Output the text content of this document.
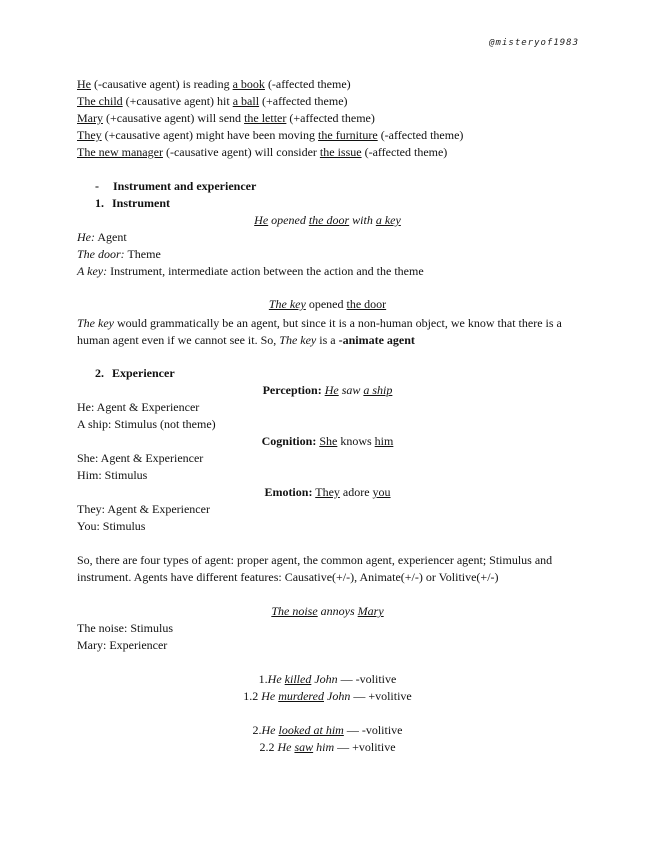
@misteryof1983
He (-causative agent) is reading a book (-affected theme)
The child (+causative agent) hit a ball (+affected theme)
Mary (+causative agent) will send the letter (+affected theme)
They (+causative agent) might have been moving the furniture (-affected theme)
The new manager (-causative agent) will consider the issue (-affected theme)
- Instrument and experiencer
1. Instrument
He opened the door with a key
He: Agent
The door: Theme
A key: Instrument, intermediate action between the action and the theme
The key opened the door
The key would grammatically be an agent, but since it is a non-human object, we know that there is a human agent even if we cannot see it. So, The key is a -animate agent
2. Experiencer
Perception: He saw a ship
He: Agent & Experiencer
A ship: Stimulus (not theme)
Cognition: She knows him
She: Agent & Experiencer
Him: Stimulus
Emotion: They adore you
They: Agent & Experiencer
You: Stimulus
So, there are four types of agent: proper agent, the common agent, experiencer agent; Stimulus and instrument. Agents have different features: Causative(+/-), Animate(+/-) or Volitive(+/-)
The noise annoys Mary
The noise: Stimulus
Mary: Experiencer
1.He killed John — -volitive
1.2 He murdered John — +volitive
2.He looked at him — -volitive
2.2 He saw him — +volitive
